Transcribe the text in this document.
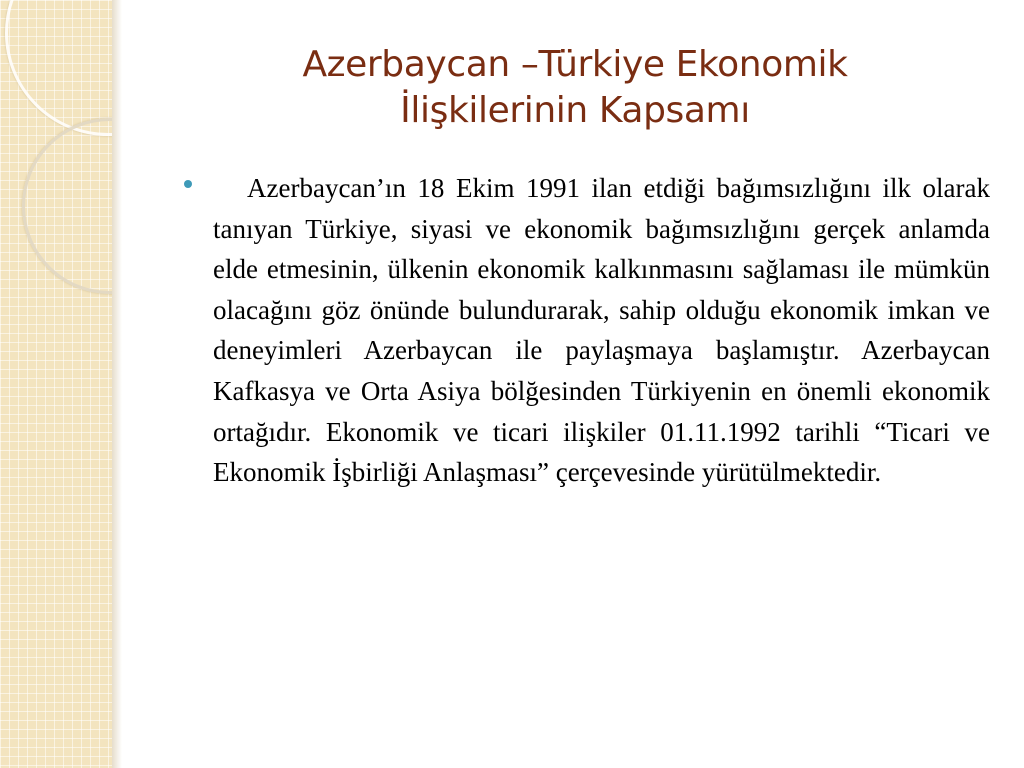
Azerbaycan –Türkiye Ekonomik
İlişkilerinin Kapsamı

Azerbaycan’ın 18 Ekim 1991 ilan etdiği bağımsızlığını ilk olarak tanıyan Türkiye, siyasi ve ekonomik bağımsızlığını gerçek anlamda elde etmesinin, ülkenin ekonomik kalkınmasını sağlaması ile mümkün olacağını göz önünde bulundurarak, sahip olduğu ekonomik imkan ve deneyimleri Azerbaycan ile paylaşmaya başlamıştır. Azerbaycan Kafkasya ve Orta Asiya bölğesinden Türkiyenin en önemli ekonomik ortağıdır. Ekonomik ve ticari ilişkiler 01.11.1992 tarihli “Ticari ve Ekonomik İşbirliği Anlaşması” çerçevesinde yürütülmektedir.
